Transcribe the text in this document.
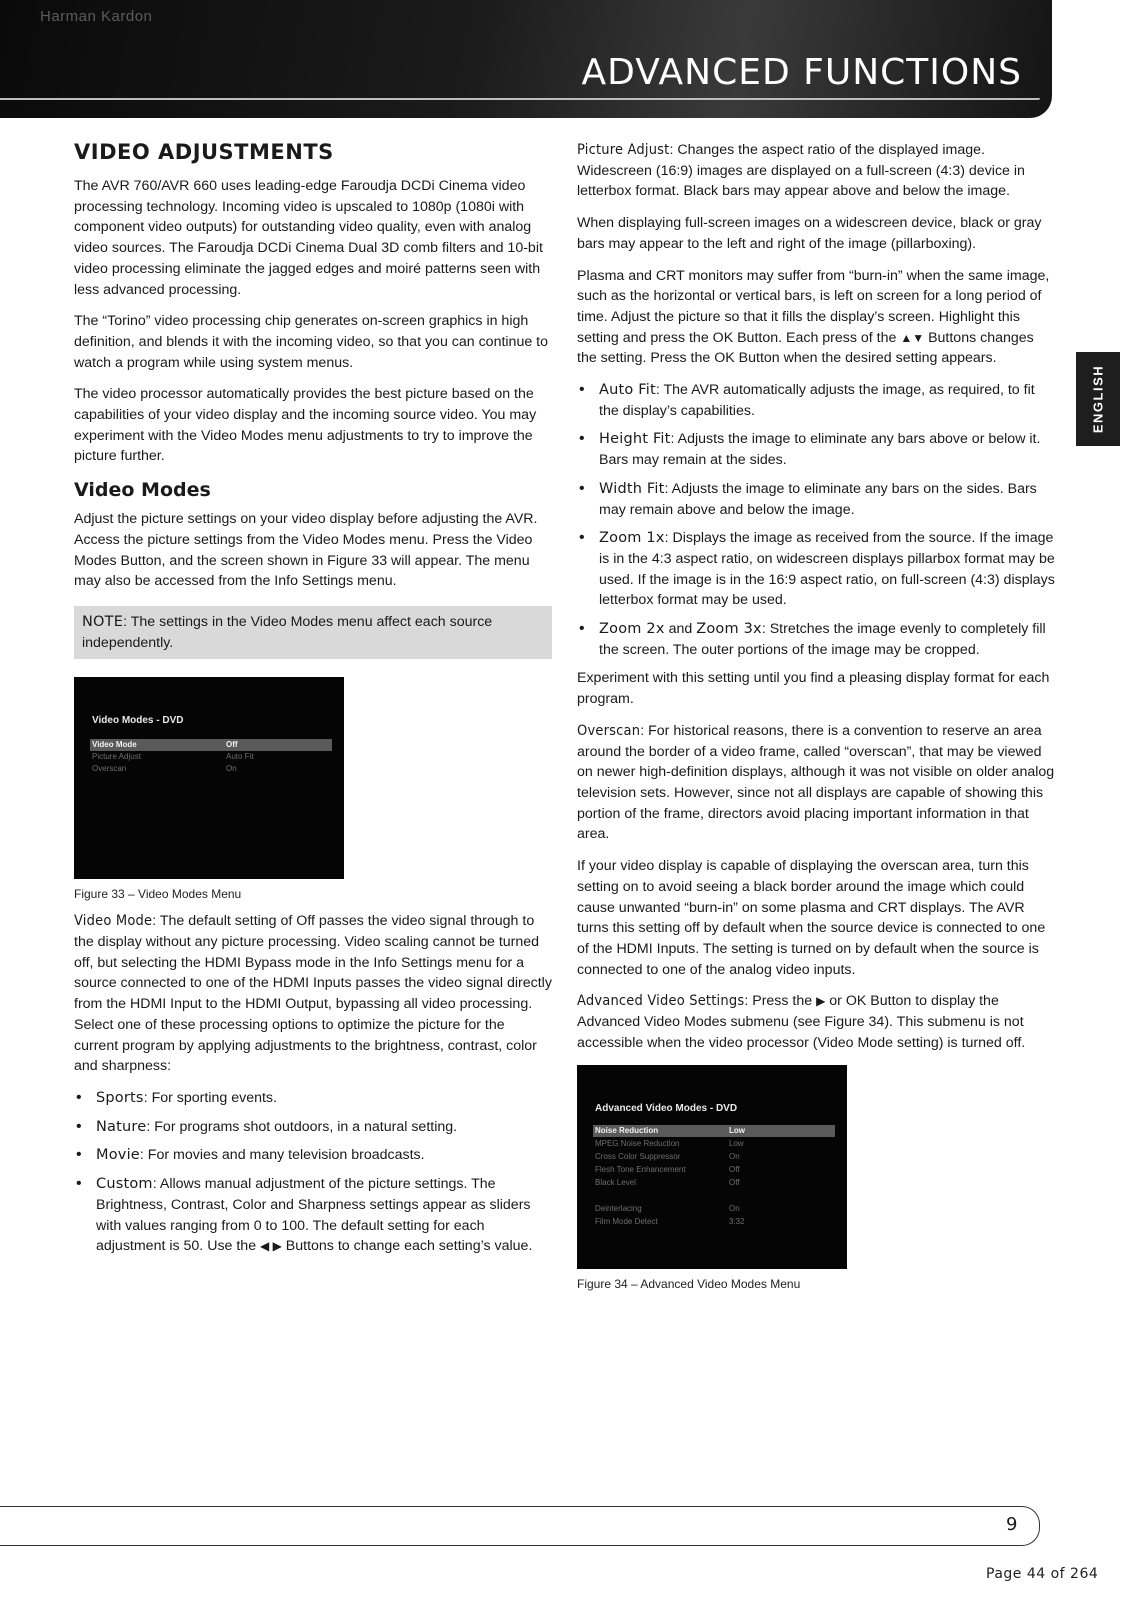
Harman Kardon
ADVANCED FUNCTIONS
ENGLISH
VIDEO ADJUSTMENTS

The AVR 760/AVR 660 uses leading-edge Faroudja DCDi Cinema video processing technology. Incoming video is upscaled to 1080p (1080i with component video outputs) for outstanding video quality, even with analog video sources. The Faroudja DCDi Cinema Dual 3D comb filters and 10-bit video processing eliminate the jagged edges and moiré patterns seen with less advanced processing.

The “Torino” video processing chip generates on-screen graphics in high definition, and blends it with the incoming video, so that you can continue to watch a program while using system menus.

The video processor automatically provides the best picture based on the capabilities of your video display and the incoming source video. You may experiment with the Video Modes menu adjustments to try to improve the picture further.

Video Modes

Adjust the picture settings on your video display before adjusting the AVR. Access the picture settings from the Video Modes menu. Press the Video Modes Button, and the screen shown in Figure 33 will appear. The menu may also be accessed from the Info Settings menu.

NOTE: The settings in the Video Modes menu affect each source independently.
Video Modes - DVD
Video Mode	Off
Picture Adjust	Auto Fit
Overscan	On
Figure 33 – Video Modes Menu

Video Mode: The default setting of Off passes the video signal through to the display without any picture processing. Video scaling cannot be turned off, but selecting the HDMI Bypass mode in the Info Settings menu for a source connected to one of the HDMI Inputs passes the video signal directly from the HDMI Input to the HDMI Output, bypassing all video processing. Select one of these processing options to optimize the picture for the current program by applying adjustments to the brightness, contrast, color and sharpness:

• Sports: For sporting events.
• Nature: For programs shot outdoors, in a natural setting.
• Movie: For movies and many television broadcasts.
• Custom: Allows manual adjustment of the picture settings. The Brightness, Contrast, Color and Sharpness settings appear as sliders with values ranging from 0 to 100. The default setting for each adjustment is 50. Use the ◀ ▶ Buttons to change each setting’s value.

Picture Adjust: Changes the aspect ratio of the displayed image. Widescreen (16:9) images are displayed on a full-screen (4:3) device in letterbox format. Black bars may appear above and below the image.

When displaying full-screen images on a widescreen device, black or gray bars may appear to the left and right of the image (pillarboxing).

Plasma and CRT monitors may suffer from “burn-in” when the same image, such as the horizontal or vertical bars, is left on screen for a long period of time. Adjust the picture so that it fills the display’s screen. Highlight this setting and press the OK Button. Each press of the ▲▼ Buttons changes the setting. Press the OK Button when the desired setting appears.

• Auto Fit: The AVR automatically adjusts the image, as required, to fit the display’s capabilities.
• Height Fit: Adjusts the image to eliminate any bars above or below it. Bars may remain at the sides.
• Width Fit: Adjusts the image to eliminate any bars on the sides. Bars may remain above and below the image.
• Zoom 1x: Displays the image as received from the source. If the image is in the 4:3 aspect ratio, on widescreen displays pillarbox format may be used. If the image is in the 16:9 aspect ratio, on full-screen (4:3) displays letterbox format may be used.
• Zoom 2x and Zoom 3x: Stretches the image evenly to completely fill the screen. The outer portions of the image may be cropped.

Experiment with this setting until you find a pleasing display format for each program.

Overscan: For historical reasons, there is a convention to reserve an area around the border of a video frame, called “overscan”, that may be viewed on newer high-definition displays, although it was not visible on older analog television sets. However, since not all displays are capable of showing this portion of the frame, directors avoid placing important information in that area.

If your video display is capable of displaying the overscan area, turn this setting on to avoid seeing a black border around the image which could cause unwanted “burn-in” on some plasma and CRT displays. The AVR turns this setting off by default when the source device is connected to one of the HDMI Inputs. The setting is turned on by default when the source is connected to one of the analog video inputs.

Advanced Video Settings: Press the ▶ or OK Button to display the Advanced Video Modes submenu (see Figure 34). This submenu is not accessible when the video processor (Video Mode setting) is turned off.

Advanced Video Modes - DVD
Noise Reduction	Low
MPEG Noise Reduction	Low
Cross Color Suppressor	On
Flesh Tone Enhancement	Off
Black Level	Off
Deinterlacing	On
Film Mode Detect	3:32
Figure 34 – Advanced Video Modes Menu
9
Page 44 of 264
